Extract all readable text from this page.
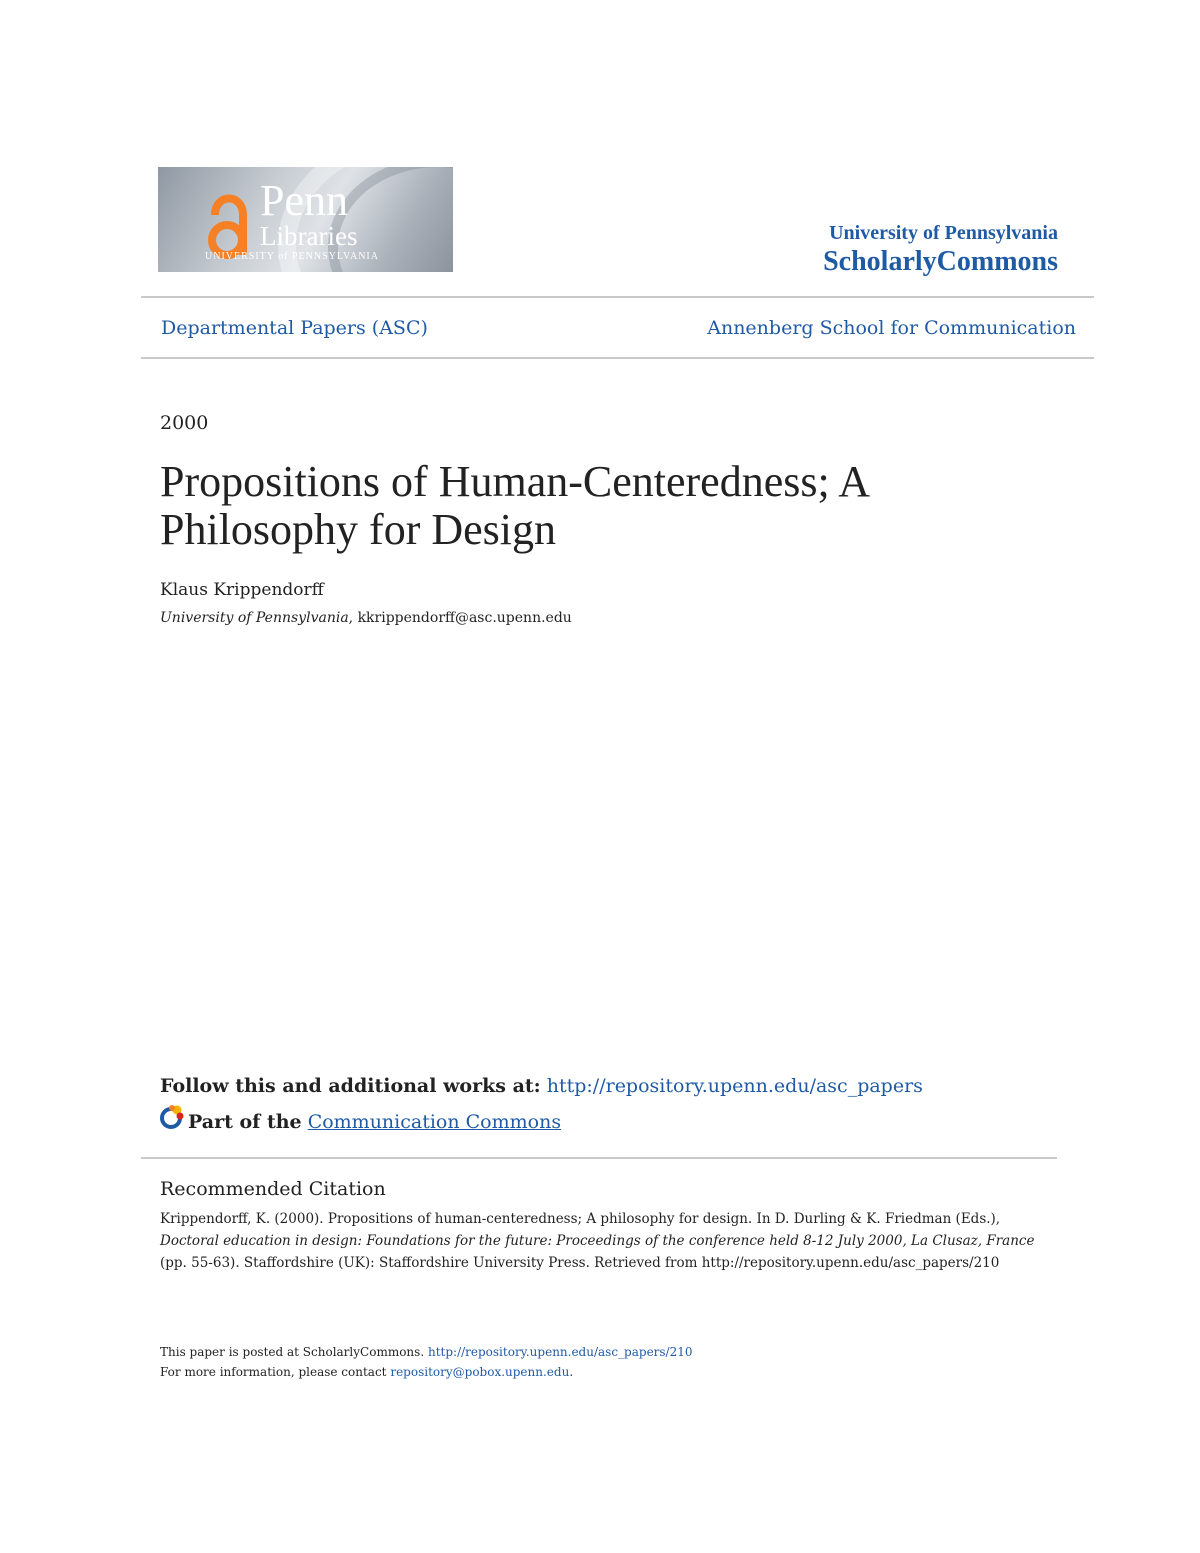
Penn
Libraries
UNIVERSITY of PENNSYLVANIA
University of Pennsylvania
ScholarlyCommons
Departmental Papers (ASC)	Annenberg School for Communication
2000
Propositions of Human-Centeredness; A Philosophy for Design
Klaus Krippendorff
University of Pennsylvania, kkrippendorff@asc.upenn.edu
Follow this and additional works at: http://repository.upenn.edu/asc_papers
Part of the Communication Commons
Recommended Citation
Krippendorff, K. (2000). Propositions of human-centeredness; A philosophy for design. In D. Durling & K. Friedman (Eds.), Doctoral education in design: Foundations for the future: Proceedings of the conference held 8-12 July 2000, La Clusaz, France (pp. 55-63). Staffordshire (UK): Staffordshire University Press. Retrieved from http://repository.upenn.edu/asc_papers/210
This paper is posted at ScholarlyCommons. http://repository.upenn.edu/asc_papers/210
For more information, please contact repository@pobox.upenn.edu.
